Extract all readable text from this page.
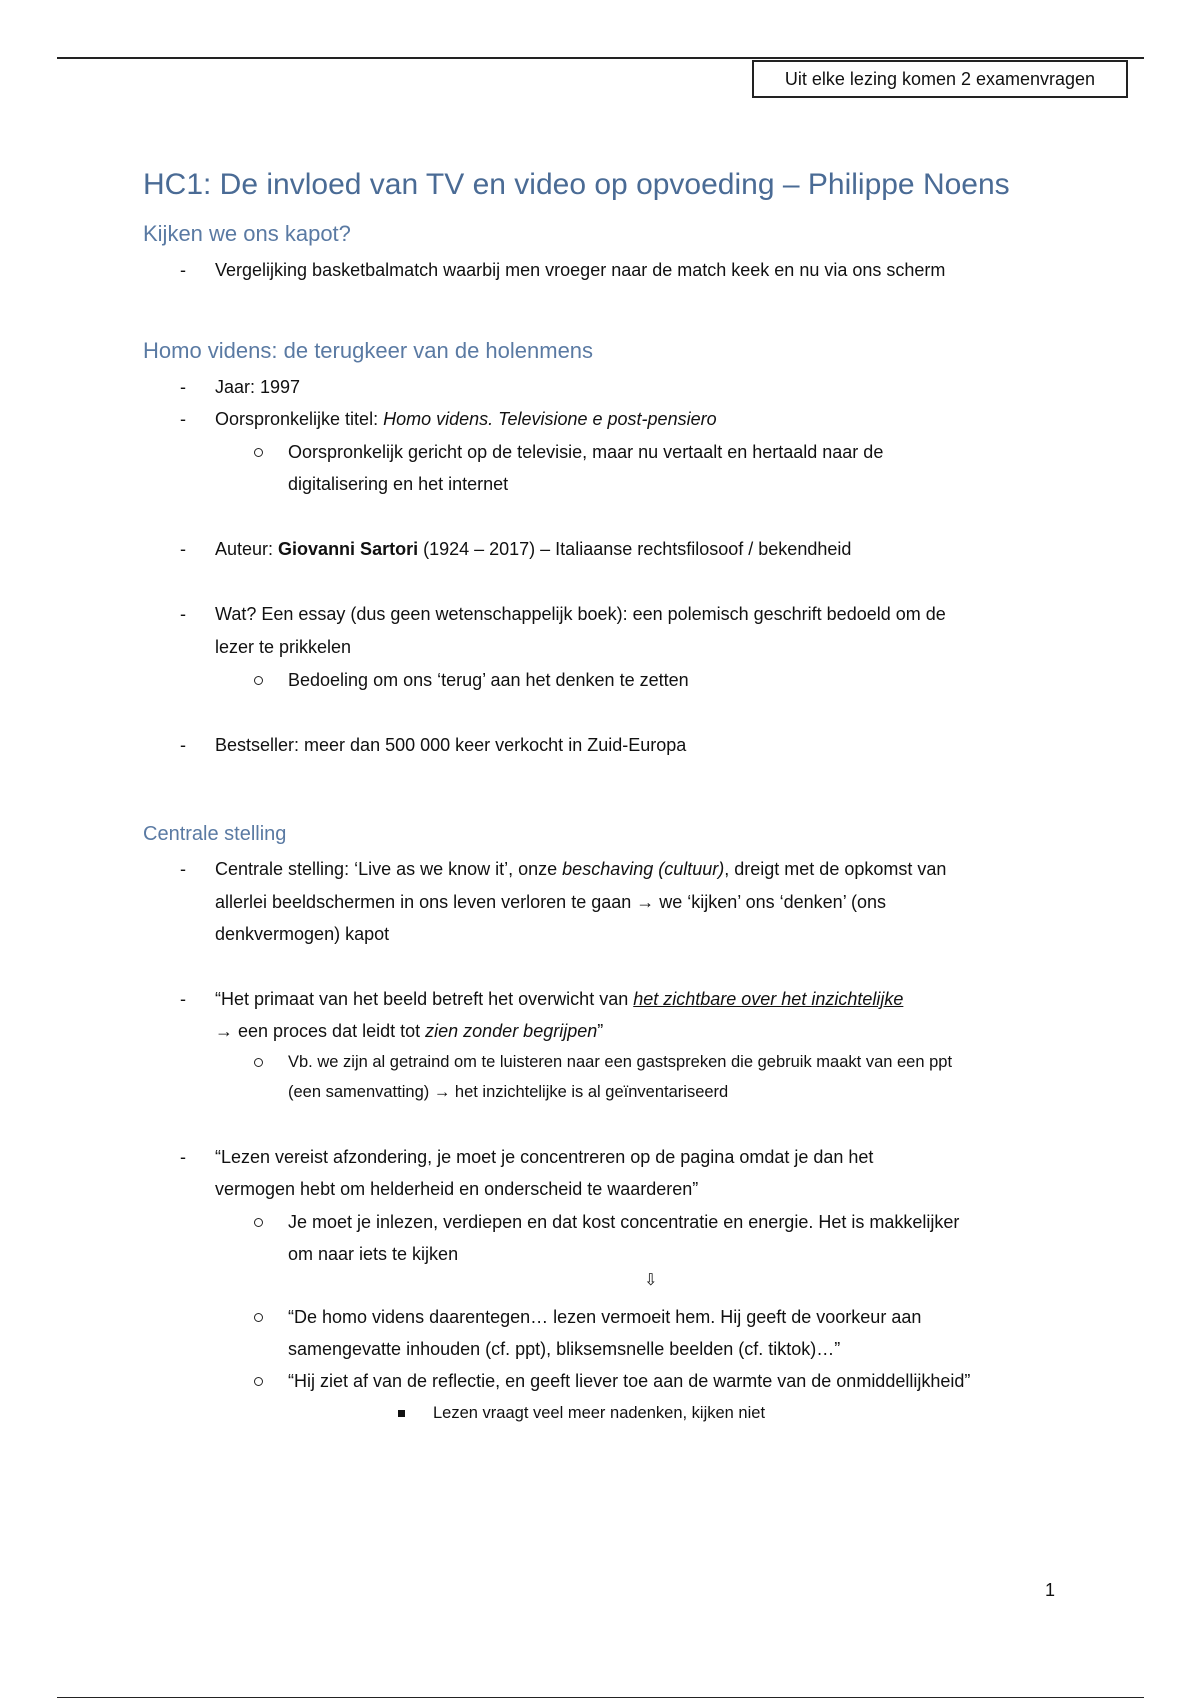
Uit elke lezing komen 2 examenvragen
HC1: De invloed van TV en video op opvoeding – Philippe Noens
Kijken we ons kapot?
- Vergelijking basketbalmatch waarbij men vroeger naar de match keek en nu via ons scherm
Homo videns: de terugkeer van de holenmens
- Jaar: 1997
- Oorspronkelijke titel: Homo videns. Televisione e post-pensiero
Oorspronkelijk gericht op de televisie, maar nu vertaalt en hertaald naar de
digitalisering en het internet
- Auteur: Giovanni Sartori (1924 – 2017) – Italiaanse rechtsfilosoof / bekendheid
- Wat? Een essay (dus geen wetenschappelijk boek): een polemisch geschrift bedoeld om de
lezer te prikkelen
Bedoeling om ons ‘terug’ aan het denken te zetten
- Bestseller: meer dan 500 000 keer verkocht in Zuid-Europa
Centrale stelling
- Centrale stelling: ‘Live as we know it’, onze beschaving (cultuur), dreigt met de opkomst van
allerlei beeldschermen in ons leven verloren te gaan → we ‘kijken’ ons ‘denken’ (ons
denkvermogen) kapot
- “Het primaat van het beeld betreft het overwicht van het zichtbare over het inzichtelijke
→ een proces dat leidt tot zien zonder begrijpen”
Vb. we zijn al getraind om te luisteren naar een gastspreken die gebruik maakt van een ppt
(een samenvatting) → het inzichtelijke is al geïnventariseerd
- “Lezen vereist afzondering, je moet je concentreren op de pagina omdat je dan het
vermogen hebt om helderheid en onderscheid te waarderen”
Je moet je inlezen, verdiepen en dat kost concentratie en energie. Het is makkelijker
om naar iets te kijken
⇩
“De homo videns daarentegen… lezen vermoeit hem. Hij geeft de voorkeur aan
samengevatte inhouden (cf. ppt), bliksemsnelle beelden (cf. tiktok)…”
“Hij ziet af van de reflectie, en geeft liever toe aan de warmte van de onmiddellijkheid”
Lezen vraagt veel meer nadenken, kijken niet
1
